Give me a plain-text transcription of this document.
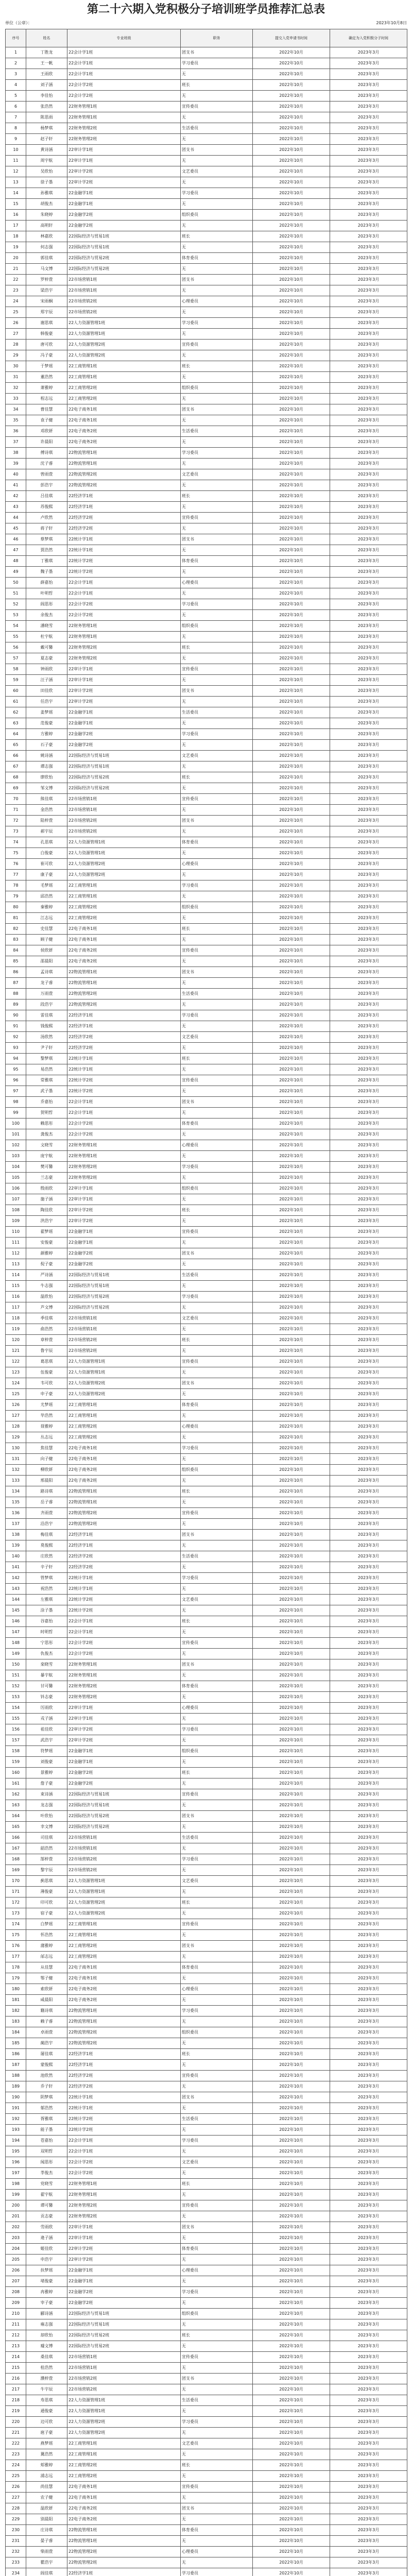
第二十六期入党积极分子培训班学员推荐汇总表
单位（公章）：	2023年10月8日
序号	姓名	专业班级	职务	提交入党申请书时间	确定为入党积极分子时间
1	丁胜龙	22会计学1班	团支书	2022年10月	2023年3月
2	王一帆	22会计学1班	学习委员	2022年10月	2023年3月
3	王雨欣	22会计学1班	无	2022年10月	2023年3月
4	刘子涵	22会计学2班	班长	2022年10月	2023年3月
5	李佳怡	22会计学2班	无	2022年10月	2023年3月
6	张浩然	22财务管理1班	宣传委员	2022年10月	2023年3月
7	陈思雨	22财务管理1班	无	2022年10月	2023年3月
8	杨梦琪	22财务管理2班	生活委员	2022年10月	2023年3月
9	赵子轩	22财务管理2班	无	2022年10月	2023年3月
10	黄诗涵	22审计学1班	团支书	2022年10月	2023年3月
11	周宇航	22审计学1班	无	2022年10月	2023年3月
12	吴欣怡	22审计学2班	文艺委员	2022年10月	2023年3月
13	徐子墨	22审计学2班	无	2022年10月	2023年3月
14	孙雅琪	22金融学1班	学习委员	2022年10月	2023年3月
15	胡俊杰	22金融学1班	无	2022年10月	2023年3月
16	朱晓婷	22金融学2班	组织委员	2022年10月	2023年3月
17	高明轩	22金融学2班	无	2022年10月	2023年3月
18	林嘉欣	22国际经济与贸易1班	班长	2022年10月	2023年3月
19	何志强	22国际经济与贸易1班	无	2022年10月	2023年3月
20	郭佳琪	22国际经济与贸易2班	体育委员	2022年10月	2023年3月
21	马文博	22国际经济与贸易2班	无	2022年10月	2023年3月
22	罗梓萱	22市场营销1班	团支书	2022年10月	2023年3月
23	梁浩宇	22市场营销1班	无	2022年10月	2023年3月
24	宋雨桐	22市场营销2班	心理委员	2022年10月	2023年3月
25	郑宇辰	22市场营销2班	无	2022年10月	2023年3月
26	谢思琪	22人力资源管理1班	学习委员	2022年10月	2023年3月
27	韩俊豪	22人力资源管理1班	无	2022年10月	2023年3月
28	唐可欣	22人力资源管理2班	宣传委员	2022年10月	2023年3月
29	冯子豪	22人力资源管理2班	无	2022年10月	2023年3月
30	于梦瑶	22工商管理1班	班长	2022年10月	2023年3月
31	董浩然	22工商管理1班	无	2022年10月	2023年3月
32	萧雅婷	22工商管理2班	组织委员	2022年10月	2023年3月
33	程志远	22工商管理2班	无	2022年10月	2023年3月
34	曹佳慧	22电子商务1班	团支书	2022年10月	2023年3月
35	袁子健	22电子商务1班	无	2022年10月	2023年3月
36	邓欣妍	22电子商务2班	生活委员	2022年10月	2023年3月
37	许晨阳	22电子商务2班	无	2022年10月	2023年3月
38	傅诗琪	22物流管理1班	学习委员	2022年10月	2023年3月
39	沈子睿	22物流管理1班	无	2022年10月	2023年3月
40	曾雨萱	22物流管理2班	文艺委员	2022年10月	2023年3月
41	彭浩宇	22物流管理2班	无	2022年10月	2023年3月
42	吕佳琪	22经济学1班	班长	2022年10月	2023年3月
43	苏俊熙	22经济学1班	无	2022年10月	2023年3月
44	卢欣然	22经济学2班	宣传委员	2022年10月	2023年3月
45	蒋子轩	22经济学2班	无	2022年10月	2023年3月
46	蔡梦琪	22统计学1班	团支书	2022年10月	2023年3月
47	贾浩然	22统计学1班	无	2022年10月	2023年3月
48	丁雅琪	22统计学2班	体育委员	2022年10月	2023年3月
49	魏子墨	22统计学2班	无	2022年10月	2023年3月
50	薛嘉怡	22会计学1班	心理委员	2022年10月	2023年3月
51	叶明哲	22会计学1班	无	2022年10月	2023年3月
52	阎思彤	22会计学2班	学习委员	2022年10月	2023年3月
53	余俊杰	22会计学2班	无	2022年10月	2023年3月
54	潘晓雪	22财务管理1班	组织委员	2022年10月	2023年3月
55	杜宇航	22财务管理1班	无	2022年10月	2023年3月
56	戴可馨	22财务管理2班	班长	2022年10月	2023年3月
57	夏志豪	22财务管理2班	无	2022年10月	2023年3月
58	钟雨欣	22审计学1班	宣传委员	2022年10月	2023年3月
59	汪子涵	22审计学1班	无	2022年10月	2023年3月
60	田佳欣	22审计学2班	团支书	2022年10月	2023年3月
61	任浩宇	22审计学2班	无	2022年10月	2023年3月
62	姜梦瑶	22金融学1班	生活委员	2022年10月	2023年3月
63	范俊豪	22金融学1班	无	2022年10月	2023年3月
64	方雅婷	22金融学2班	学习委员	2022年10月	2023年3月
65	石子豪	22金融学2班	无	2022年10月	2023年3月
66	姚诗涵	22国际经济与贸易1班	文艺委员	2022年10月	2023年3月
67	谭志强	22国际经济与贸易1班	无	2022年10月	2023年3月
68	廖欣怡	22国际经济与贸易2班	班长	2022年10月	2023年3月
69	邹文博	22国际经济与贸易2班	无	2022年10月	2023年3月
70	熊佳琪	22市场营销1班	宣传委员	2022年10月	2023年3月
71	金浩然	22市场营销1班	无	2022年10月	2023年3月
72	陆梓萱	22市场营销2班	团支书	2022年10月	2023年3月
73	郝宇辰	22市场营销2班	无	2022年10月	2023年3月
74	孔思琪	22人力资源管理1班	体育委员	2022年10月	2023年3月
75	白俊豪	22人力资源管理1班	无	2022年10月	2023年3月
76	崔可欣	22人力资源管理2班	心理委员	2022年10月	2023年3月
77	康子豪	22人力资源管理2班	无	2022年10月	2023年3月
78	毛梦瑶	22工商管理1班	学习委员	2022年10月	2023年3月
79	邱浩然	22工商管理1班	无	2022年10月	2023年3月
80	秦雅婷	22工商管理2班	组织委员	2022年10月	2023年3月
81	江志远	22工商管理2班	无	2022年10月	2023年3月
82	史佳慧	22电子商务1班	班长	2022年10月	2023年3月
83	顾子健	22电子商务1班	无	2022年10月	2023年3月
84	侯欣妍	22电子商务2班	宣传委员	2022年10月	2023年3月
85	邵晨阳	22电子商务2班	无	2022年10月	2023年3月
86	孟诗琪	22物流管理1班	团支书	2022年10月	2023年3月
87	龙子睿	22物流管理1班	无	2022年10月	2023年3月
88	万雨萱	22物流管理2班	生活委员	2022年10月	2023年3月
89	段浩宇	22物流管理2班	无	2022年10月	2023年3月
90	雷佳琪	22经济学1班	学习委员	2022年10月	2023年3月
91	钱俊熙	22经济学1班	无	2022年10月	2023年3月
92	汤欣然	22经济学2班	文艺委员	2022年10月	2023年3月
93	尹子轩	22经济学2班	无	2022年10月	2023年3月
94	黎梦琪	22统计学1班	班长	2022年10月	2023年3月
95	易浩然	22统计学1班	无	2022年10月	2023年3月
96	常雅琪	22统计学2班	宣传委员	2022年10月	2023年3月
97	武子墨	22统计学2班	无	2022年10月	2023年3月
98	乔嘉怡	22会计学1班	团支书	2022年10月	2023年3月
99	贺明哲	22会计学1班	无	2022年10月	2023年3月
100	赖思彤	22会计学2班	体育委员	2022年10月	2023年3月
101	龚俊杰	22会计学2班	无	2022年10月	2023年3月
102	文晓雪	22财务管理1班	心理委员	2022年10月	2023年3月
103	庞宇航	22财务管理1班	无	2022年10月	2023年3月
104	樊可馨	22财务管理2班	学习委员	2022年10月	2023年3月
105	兰志豪	22财务管理2班	无	2022年10月	2023年3月
106	殷雨欣	22审计学1班	组织委员	2022年10月	2023年3月
107	施子涵	22审计学1班	无	2022年10月	2023年3月
108	陶佳欣	22审计学2班	班长	2022年10月	2023年3月
109	洪浩宇	22审计学2班	无	2022年10月	2023年3月
110	翟梦瑶	22金融学1班	宣传委员	2022年10月	2023年3月
111	安俊豪	22金融学1班	无	2022年10月	2023年3月
112	颜雅婷	22金融学2班	团支书	2022年10月	2023年3月
113	倪子豪	22金融学2班	无	2022年10月	2023年3月
114	严诗涵	22国际经济与贸易1班	生活委员	2022年10月	2023年3月
115	牛志强	22国际经济与贸易1班	无	2022年10月	2023年3月
116	温欣怡	22国际经济与贸易2班	学习委员	2022年10月	2023年3月
117	芦文博	22国际经济与贸易2班	无	2022年10月	2023年3月
118	季佳琪	22市场营销1班	文艺委员	2022年10月	2023年3月
119	俞浩然	22市场营销1班	无	2022年10月	2023年3月
120	章梓萱	22市场营销2班	班长	2022年10月	2023年3月
121	鲁宇辰	22市场营销2班	无	2022年10月	2023年3月
122	葛思琪	22人力资源管理1班	宣传委员	2022年10月	2023年3月
123	伍俊豪	22人力资源管理1班	无	2022年10月	2023年3月
124	韦可欣	22人力资源管理2班	团支书	2022年10月	2023年3月
125	申子豪	22人力资源管理2班	无	2022年10月	2023年3月
126	尤梦瑶	22工商管理1班	体育委员	2022年10月	2023年3月
127	毕浩然	22工商管理1班	无	2022年10月	2023年3月
128	聂雅婷	22工商管理2班	心理委员	2022年10月	2023年3月
129	丛志远	22工商管理2班	无	2022年10月	2023年3月
130	焦佳慧	22电子商务1班	学习委员	2022年10月	2023年3月
131	向子健	22电子商务1班	无	2022年10月	2023年3月
132	柳欣妍	22电子商务2班	组织委员	2022年10月	2023年3月
133	邢晨阳	22电子商务2班	无	2022年10月	2023年3月
134	路诗琪	22物流管理1班	班长	2022年10月	2023年3月
135	岳子睿	22物流管理1班	无	2022年10月	2023年3月
136	齐雨萱	22物流管理2班	宣传委员	2022年10月	2023年3月
137	沿浩宇	22物流管理2班	无	2022年10月	2023年3月
138	梅佳琪	22经济学1班	团支书	2022年10月	2023年3月
139	莫俊熙	22经济学1班	无	2022年10月	2023年3月
140	庄欣然	22经济学2班	生活委员	2022年10月	2023年3月
141	辛子轩	22经济学2班	无	2022年10月	2023年3月
142	管梦琪	22统计学1班	学习委员	2022年10月	2023年3月
143	祝浩然	22统计学1班	无	2022年10月	2023年3月
144	左雅琪	22统计学2班	文艺委员	2022年10月	2023年3月
145	涂子墨	22统计学2班	无	2022年10月	2023年3月
146	谷嘉怡	22会计学1班	班长	2022年10月	2023年3月
147	时明哲	22会计学1班	无	2022年10月	2023年3月
148	宁思彤	22会计学2班	宣传委员	2022年10月	2023年3月
149	仇俊杰	22会计学2班	无	2022年10月	2023年3月
150	栾晓雪	22财务管理1班	团支书	2022年10月	2023年3月
151	暴宇航	22财务管理1班	无	2022年10月	2023年3月
152	甘可馨	22财务管理2班	体育委员	2022年10月	2023年3月
153	钭志豪	22财务管理2班	无	2022年10月	2023年3月
154	厉雨欣	22审计学1班	心理委员	2022年10月	2023年3月
155	戎子涵	22审计学1班	无	2022年10月	2023年3月
156	祖佳欣	22审计学2班	学习委员	2022年10月	2023年3月
157	武浩宇	22审计学2班	无	2022年10月	2023年3月
158	符梦瑶	22金融学1班	组织委员	2022年10月	2023年3月
159	刘俊豪	22金融学1班	无	2022年10月	2023年3月
160	景雅婷	22金融学2班	班长	2022年10月	2023年3月
161	詹子豪	22金融学2班	无	2022年10月	2023年3月
162	束诗涵	22国际经济与贸易1班	宣传委员	2022年10月	2023年3月
163	龙志强	22国际经济与贸易1班	无	2022年10月	2023年3月
164	叶欣怡	22国际经济与贸易2班	团支书	2022年10月	2023年3月
165	幸文博	22国际经济与贸易2班	无	2022年10月	2023年3月
166	司佳琪	22市场营销1班	生活委员	2022年10月	2023年3月
167	韶浩然	22市场营销1班	无	2022年10月	2023年3月
168	郜梓萱	22市场营销2班	学习委员	2022年10月	2023年3月
169	黎宇辰	22市场营销2班	无	2022年10月	2023年3月
170	蓟思琪	22人力资源管理1班	文艺委员	2022年10月	2023年3月
171	薄俊豪	22人力资源管理1班	无	2022年10月	2023年3月
172	印可欣	22人力资源管理2班	班长	2022年10月	2023年3月
173	宿子豪	22人力资源管理2班	无	2022年10月	2023年3月
174	白梦瑶	22工商管理1班	宣传委员	2022年10月	2023年3月
175	怀浩然	22工商管理1班	无	2022年10月	2023年3月
176	蒲雅婷	22工商管理2班	团支书	2022年10月	2023年3月
177	邰志远	22工商管理2班	无	2022年10月	2023年3月
178	从佳慧	22电子商务1班	体育委员	2022年10月	2023年3月
179	鄂子健	22电子商务1班	无	2022年10月	2023年3月
180	索欣妍	22电子商务2班	心理委员	2022年10月	2023年3月
181	咸晨阳	22电子商务2班	无	2022年10月	2023年3月
182	籍诗琪	22物流管理1班	学习委员	2022年10月	2023年3月
183	赖子睿	22物流管理1班	无	2022年10月	2023年3月
184	卓雨萱	22物流管理2班	组织委员	2022年10月	2023年3月
185	蔺浩宇	22物流管理2班	无	2022年10月	2023年3月
186	屠佳琪	22经济学1班	班长	2022年10月	2023年3月
187	蒙俊熙	22经济学1班	无	2022年10月	2023年3月
188	池欣然	22经济学2班	宣传委员	2022年10月	2023年3月
189	乔子轩	22经济学2班	无	2022年10月	2023年3月
190	阴梦琪	22统计学1班	团支书	2022年10月	2023年3月
191	郁浩然	22统计学1班	无	2022年10月	2023年3月
192	胥雅琪	22统计学2班	生活委员	2022年10月	2023年3月
193	能子墨	22统计学2班	无	2022年10月	2023年3月
194	苍嘉怡	22会计学1班	学习委员	2022年10月	2023年3月
195	双明哲	22会计学1班	无	2022年10月	2023年3月
196	闻思彤	22会计学2班	文艺委员	2022年10月	2023年3月
197	莘俊杰	22会计学2班	无	2022年10月	2023年3月
198	党晓雪	22财务管理1班	班长	2022年10月	2023年3月
199	翟宇航	22财务管理1班	无	2022年10月	2023年3月
200	谭可馨	22财务管理2班	宣传委员	2022年10月	2023年3月
201	贡志豪	22财务管理2班	无	2022年10月	2023年3月
202	劳雨欣	22审计学1班	团支书	2022年10月	2023年3月
203	逄子涵	22审计学1班	无	2022年10月	2023年3月
204	姬佳欣	22审计学2班	体育委员	2022年10月	2023年3月
205	申浩宇	22审计学2班	无	2022年10月	2023年3月
206	扶梦瑶	22金融学1班	心理委员	2022年10月	2023年3月
207	堵俊豪	22金融学1班	无	2022年10月	2023年3月
208	冉雅婷	22金融学2班	学习委员	2022年10月	2023年3月
209	宰子豪	22金融学2班	无	2022年10月	2023年3月
210	郦诗涵	22国际经济与贸易1班	组织委员	2022年10月	2023年3月
211	雍志强	22国际经济与贸易1班	无	2022年10月	2023年3月
212	却欣怡	22国际经济与贸易2班	班长	2022年10月	2023年3月
213	璩文博	22国际经济与贸易2班	无	2022年10月	2023年3月
214	桑佳琪	22市场营销1班	宣传委员	2022年10月	2023年3月
215	桂浩然	22市场营销1班	无	2022年10月	2023年3月
216	濮梓萱	22市场营销2班	团支书	2022年10月	2023年3月
217	牛宇辰	22市场营销2班	无	2022年10月	2023年3月
218	寿思琪	22人力资源管理1班	生活委员	2022年10月	2023年3月
219	通俊豪	22人力资源管理1班	无	2022年10月	2023年3月
220	边可欣	22人力资源管理2班	学习委员	2022年10月	2023年3月
221	扈子豪	22人力资源管理2班	无	2022年10月	2023年3月
222	燕梦瑶	22工商管理1班	文艺委员	2022年10月	2023年3月
223	冀浩然	22工商管理1班	无	2022年10月	2023年3月
224	郏雅婷	22工商管理2班	班长	2022年10月	2023年3月
225	浦志远	22工商管理2班	无	2022年10月	2023年3月
226	尚佳慧	22电子商务1班	宣传委员	2022年10月	2023年3月
227	农子健	22电子商务1班	无	2022年10月	2023年3月
228	温欣妍	22电子商务2班	团支书	2022年10月	2023年3月
229	别晨阳	22电子商务2班	无	2022年10月	2023年3月
230	庄诗琪	22物流管理1班	体育委员	2022年10月	2023年3月
231	晏子睿	22物流管理1班	无	2022年10月	2023年3月
232	柴雨萱	22物流管理2班	心理委员	2022年10月	2023年3月
233	瞿浩宇	22物流管理2班	无	2022年10月	2023年3月
234	阎佳琪	22经济学1班	学习委员	2022年10月	2023年3月
